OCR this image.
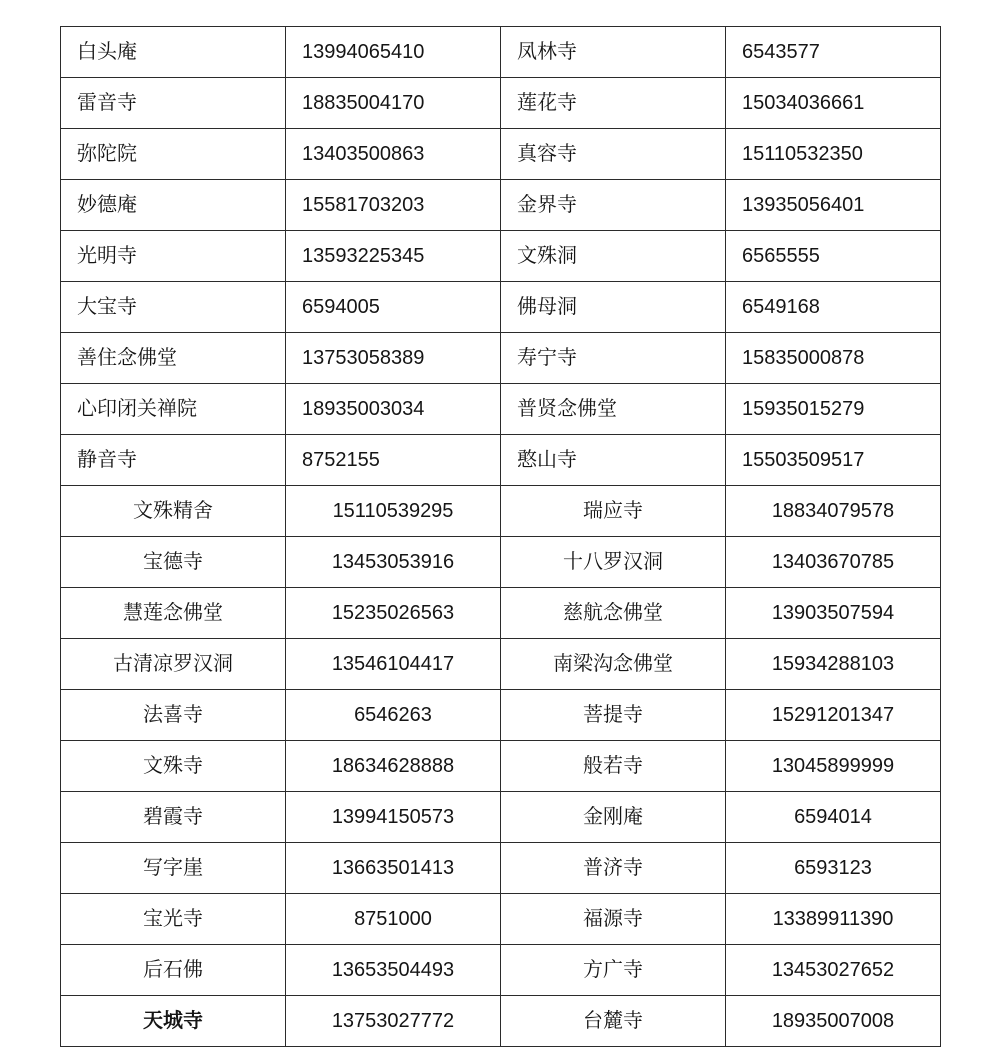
白头庵	13994065410	凤林寺	6543577
雷音寺	18835004170	莲花寺	15034036661
弥陀院	13403500863	真容寺	15110532350
妙德庵	15581703203	金界寺	13935056401
光明寺	13593225345	文殊洞	6565555
大宝寺	6594005	佛母洞	6549168
善住念佛堂	13753058389	寿宁寺	15835000878
心印闭关禅院	18935003034	普贤念佛堂	15935015279
静音寺	8752155	憨山寺	15503509517
文殊精舍	15110539295	瑞应寺	18834079578
宝德寺	13453053916	十八罗汉洞	13403670785
慧莲念佛堂	15235026563	慈航念佛堂	13903507594
古清凉罗汉洞	13546104417	南梁沟念佛堂	15934288103
法喜寺	6546263	菩提寺	15291201347
文殊寺	18634628888	般若寺	13045899999
碧霞寺	13994150573	金刚庵	6594014
写字崖	13663501413	普济寺	6593123
宝光寺	8751000	福源寺	13389911390
后石佛	13653504493	方广寺	13453027652
天城寺	13753027772	台麓寺	18935007008
